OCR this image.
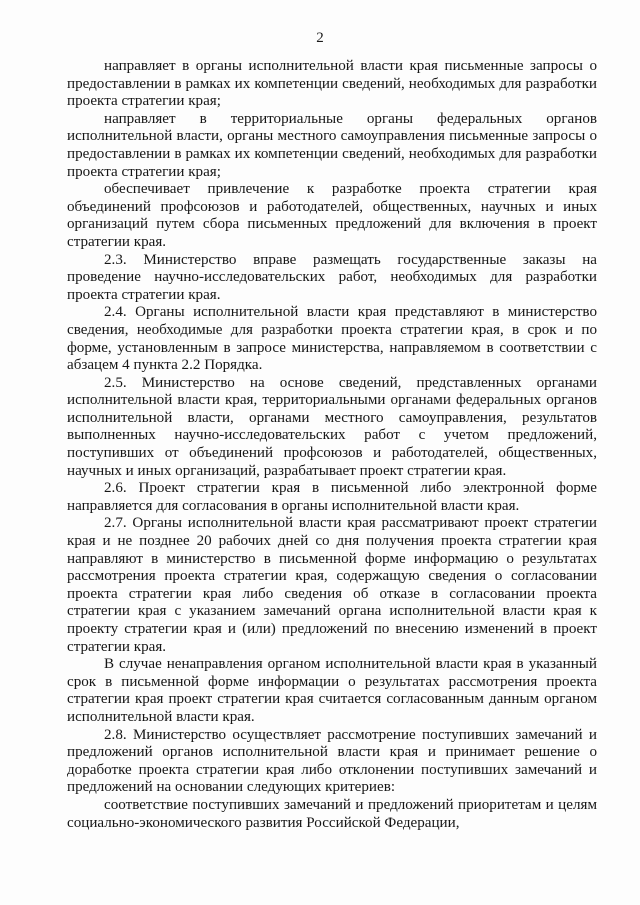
2

направляет в органы исполнительной власти края письменные запросы о предоставлении в рамках их компетенции сведений, необходимых для разработки проекта стратегии края;

направляет в территориальные органы федеральных органов исполнительной власти, органы местного самоуправления письменные запросы о предоставлении в рамках их компетенции сведений, необходимых для разработки проекта стратегии края;

обеспечивает привлечение к разработке проекта стратегии края объединений профсоюзов и работодателей, общественных, научных и иных организаций путем сбора письменных предложений для включения в проект стратегии края.

2.3. Министерство вправе размещать государственные заказы на проведение научно-исследовательских работ, необходимых для разработки проекта стратегии края.

2.4. Органы исполнительной власти края представляют в министерство сведения, необходимые для разработки проекта стратегии края, в срок и по форме, установленным в запросе министерства, направляемом в соответствии с абзацем 4 пункта 2.2 Порядка.

2.5. Министерство на основе сведений, представленных органами исполнительной власти края, территориальными органами федеральных органов исполнительной власти, органами местного самоуправления, результатов выполненных научно-исследовательских работ с учетом предложений, поступивших от объединений профсоюзов и работодателей, общественных, научных и иных организаций, разрабатывает проект стратегии края.

2.6. Проект стратегии края в письменной либо электронной форме направляется для согласования в органы исполнительной власти края.

2.7. Органы исполнительной власти края рассматривают проект стратегии края и не позднее 20 рабочих дней со дня получения проекта стратегии края направляют в министерство в письменной форме информацию о результатах рассмотрения проекта стратегии края, содержащую сведения о согласовании проекта стратегии края либо сведения об отказе в согласовании проекта стратегии края с указанием замечаний органа исполнительной власти края к проекту стратегии края и (или) предложений по внесению изменений в проект стратегии края.

В случае ненаправления органом исполнительной власти края в указанный срок в письменной форме информации о результатах рассмотрения проекта стратегии края проект стратегии края считается согласованным данным органом исполнительной власти края.

2.8. Министерство осуществляет рассмотрение поступивших замечаний и предложений органов исполнительной власти края и принимает решение о доработке проекта стратегии края либо отклонении поступивших замечаний и предложений на основании следующих критериев:

соответствие поступивших замечаний и предложений приоритетам и целям социально-экономического развития Российской Федерации,
